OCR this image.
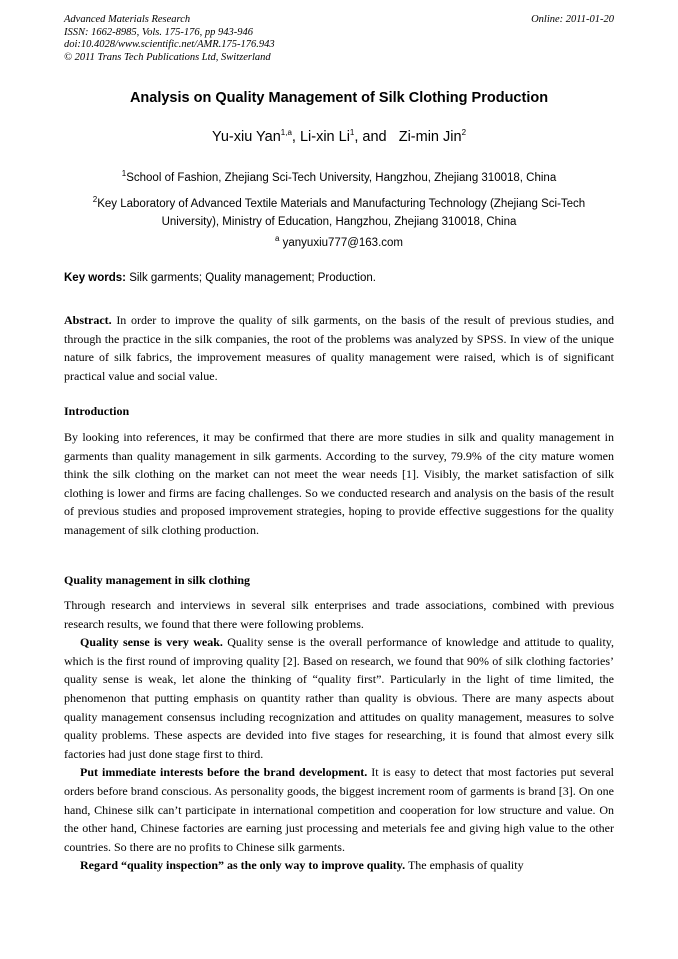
Advanced Materials Research
ISSN: 1662-8985, Vols. 175-176, pp 943-946
doi:10.4028/www.scientific.net/AMR.175-176.943
© 2011 Trans Tech Publications Ltd, Switzerland
Online: 2011-01-20
Analysis on Quality Management of Silk Clothing Production
Yu-xiu Yan$^{1,a}$, Li-xin Li$^1$, and   Zi-min Jin$^2$
$^1$School of Fashion, Zhejiang Sci-Tech University, Hangzhou, Zhejiang 310018, China
$^2$Key Laboratory of Advanced Textile Materials and Manufacturing Technology (Zhejiang Sci-Tech University), Ministry of Education, Hangzhou, Zhejiang 310018, China
$^a$ yanyuxiu777@163.com
Key words: Silk garments; Quality management; Production.

Abstract. In order to improve the quality of silk garments, on the basis of the result of previous studies, and through the practice in the silk companies, the root of the problems was analyzed by SPSS. In view of the unique nature of silk fabrics, the improvement measures of quality management were raised, which is of significant practical value and social value.

Introduction

By looking into references, it may be confirmed that there are more studies in silk and quality management in garments than quality management in silk garments. According to the survey, 79.9% of the city mature women think the silk clothing on the market can not meet the wear needs [1]. Visibly, the market satisfaction of silk clothing is lower and firms are facing challenges. So we conducted research and analysis on the basis of the result of previous studies and proposed improvement strategies, hoping to provide effective suggestions for the quality management of silk clothing production.

Quality management in silk clothing

Through research and interviews in several silk enterprises and trade associations, combined with previous research results, we found that there were following problems.

Quality sense is very weak. Quality sense is the overall performance of knowledge and attitude to quality, which is the first round of improving quality [2]. Based on research, we found that 90% of silk clothing factories’ quality sense is weak, let alone the thinking of “quality first”. Particularly in the light of time limited, the phenomenon that putting emphasis on quantity rather than quality is obvious. There are many aspects about quality management consensus including recognization and attitudes on quality management, measures to solve quality problems. These aspects are devided into five stages for researching, it is found that almost every silk factories had just done stage first to third.

Put immediate interests before the brand development. It is easy to detect that most factories put several orders before brand conscious. As personality goods, the biggest increment room of garments is brand [3]. On one hand, Chinese silk can’t participate in international competition and cooperation for low structure and value. On the other hand, Chinese factories are earning just processing and meterials fee and giving high value to the other countries. So there are no profits to Chinese silk garments.

Regard “quality inspection” as the only way to improve quality. The emphasis of quality
